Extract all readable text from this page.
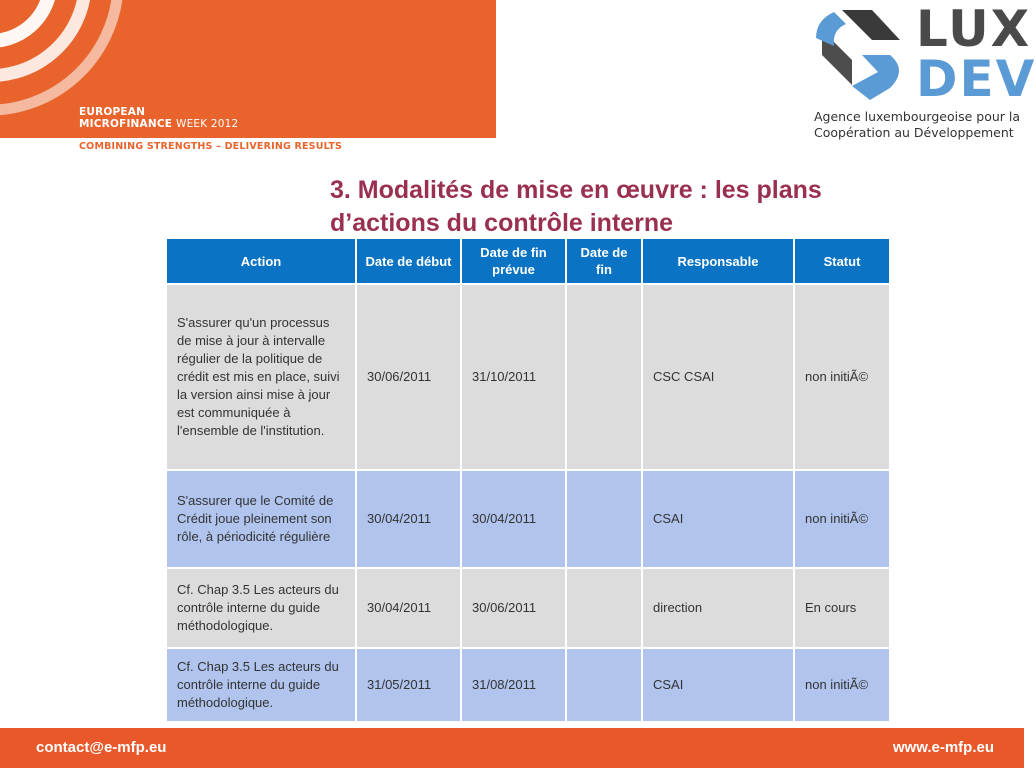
EUROPEAN
MICROFINANCE WEEK 2012
COMBINING STRENGTHS – DELIVERING RESULTS
LUX
DEV
Agence luxembourgeoise pour la
Coopération au Développement
3. Modalités de mise en œuvre : les plans
d’actions du contrôle interne
Action	Date de début	Date de fin prévue	Date de fin	Responsable	Statut
S'assurer qu'un processus de mise à jour à intervalle régulier de la politique de crédit est mis en place, suivi la version ainsi mise à jour est communiquée à l'ensemble de l'institution.	30/06/2011	31/10/2011		CSC CSAI	non initiÃ©
S'assurer que le Comité de Crédit joue pleinement son rôle, à périodicité régulière	30/04/2011	30/04/2011		CSAI	non initiÃ©
Cf. Chap 3.5 Les acteurs du contrôle interne du guide méthodologique.	30/04/2011	30/06/2011		direction	En cours
Cf. Chap 3.5 Les acteurs du contrôle interne du guide méthodologique.	31/05/2011	31/08/2011		CSAI	non initiÃ©
contact@e-mfp.eu	www.e-mfp.eu
